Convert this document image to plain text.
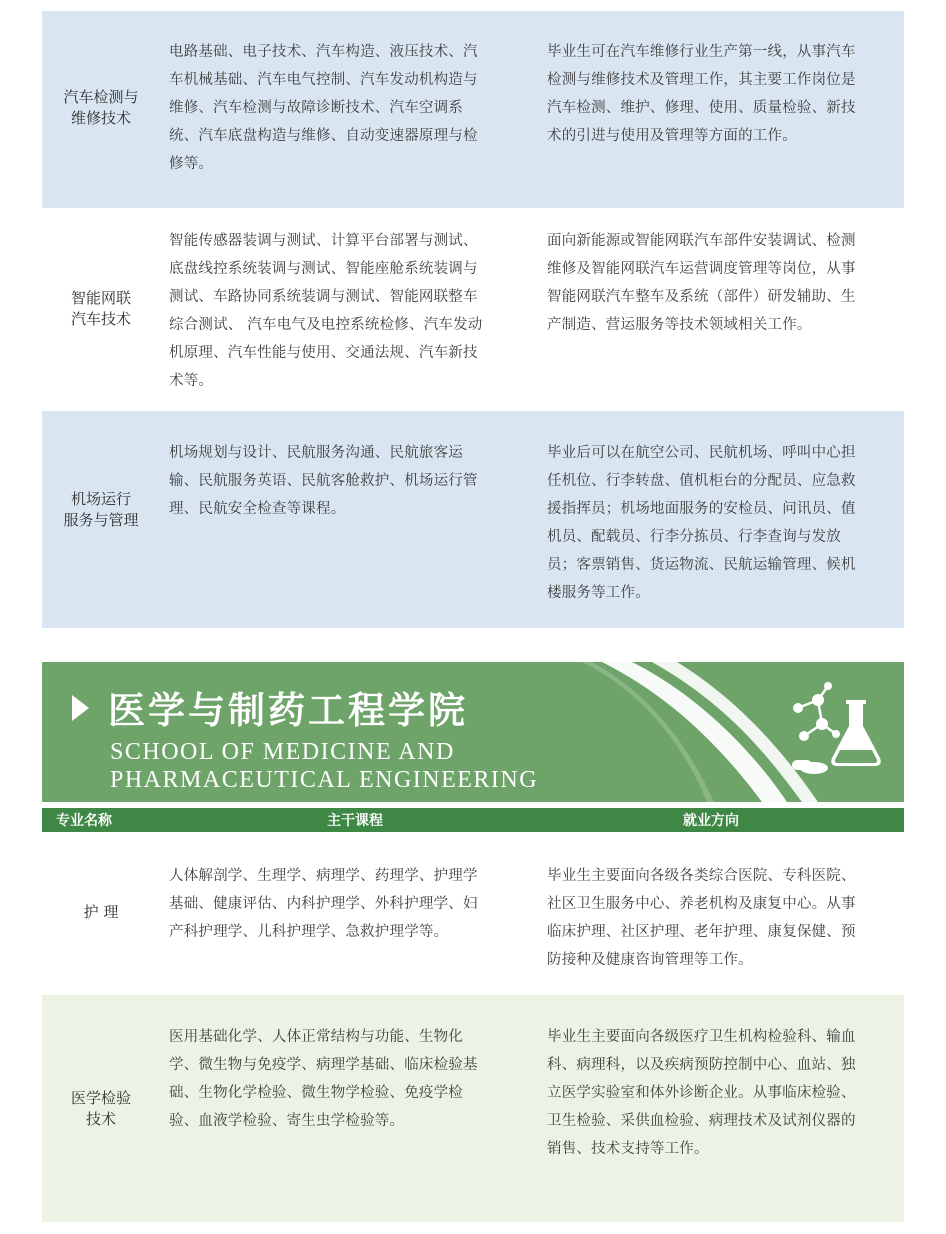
汽车检测与
维修技术
电路基础、电子技术、汽车构造、液压技术、汽
车机械基础、汽车电气控制、汽车发动机构造与
维修、汽车检测与故障诊断技术、汽车空调系
统、汽车底盘构造与维修、自动变速器原理与检
修等。
毕业生可在汽车维修行业生产第一线，从事汽车
检测与维修技术及管理工作，其主要工作岗位是
汽车检测、维护、修理、使用、质量检验、新技
术的引进与使用及管理等方面的工作。
智能网联
汽车技术
智能传感器装调与测试、计算平台部署与测试、
底盘线控系统装调与测试、智能座舱系统装调与
测试、车路协同系统装调与测试、智能网联整车
综合测试、 汽车电气及电控系统检修、汽车发动
机原理、汽车性能与使用、交通法规、汽车新技
术等。
面向新能源或智能网联汽车部件安装调试、检测
维修及智能网联汽车运营调度管理等岗位，从事
智能网联汽车整车及系统（部件）研发辅助、生
产制造、营运服务等技术领域相关工作。
机场运行
服务与管理
机场规划与设计、民航服务沟通、民航旅客运
输、民航服务英语、民航客舱救护、机场运行管
理、民航安全检查等课程。
毕业后可以在航空公司、民航机场、呼叫中心担
任机位、行李转盘、值机柜台的分配员、应急救
援指挥员；机场地面服务的安检员、问讯员、值
机员、配载员、行李分拣员、行李查询与发放
员；客票销售、货运物流、民航运输管理、候机
楼服务等工作。
医学与制药工程学院
SCHOOL OF MEDICINE AND
PHARMACEUTICAL ENGINEERING
专业名称	主干课程	就业方向
护 理
人体解剖学、生理学、病理学、药理学、护理学
基础、健康评估、内科护理学、外科护理学、妇
产科护理学、儿科护理学、急救护理学等。
毕业生主要面向各级各类综合医院、专科医院、
社区卫生服务中心、养老机构及康复中心。从事
临床护理、社区护理、老年护理、康复保健、预
防接种及健康咨询管理等工作。
医学检验
技术
医用基础化学、人体正常结构与功能、生物化
学、微生物与免疫学、病理学基础、临床检验基
础、生物化学检验、微生物学检验、免疫学检
验、血液学检验、寄生虫学检验等。
毕业生主要面向各级医疗卫生机构检验科、输血
科、病理科，以及疾病预防控制中心、血站、独
立医学实验室和体外诊断企业。从事临床检验、
卫生检验、采供血检验、病理技术及试剂仪器的
销售、技术支持等工作。
